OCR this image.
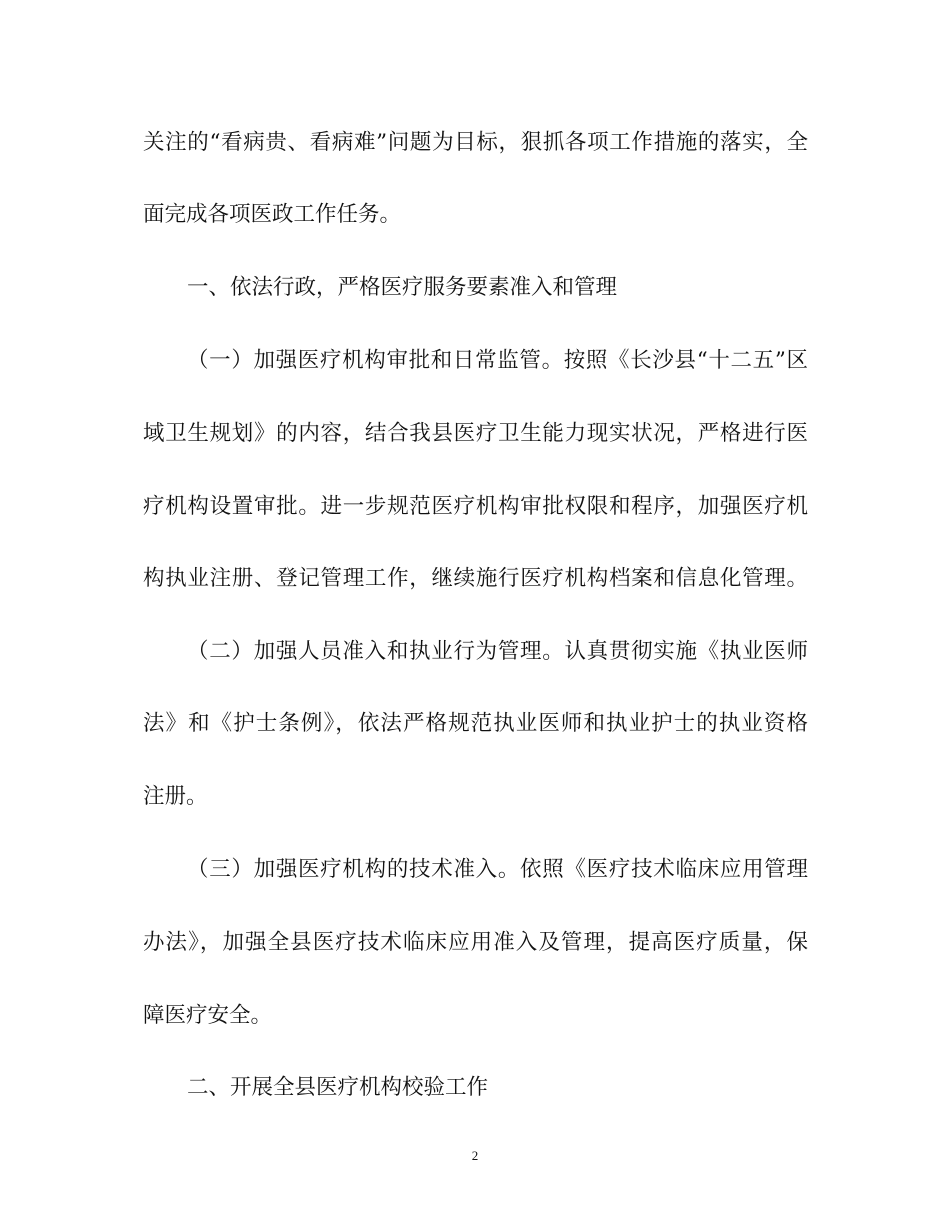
关注的“看病贵、看病难”问题为目标，狠抓各项工作措施的落实，全
面完成各项医政工作任务。
一、依法行政，严格医疗服务要素准入和管理
（一）加强医疗机构审批和日常监管。按照《长沙县“十二五”区
域卫生规划》的内容，结合我县医疗卫生能力现实状况，严格进行医
疗机构设置审批。进一步规范医疗机构审批权限和程序，加强医疗机
构执业注册、登记管理工作，继续施行医疗机构档案和信息化管理。
（二）加强人员准入和执业行为管理。认真贯彻实施《执业医师
法》和《护士条例》，依法严格规范执业医师和执业护士的执业资格
注册。
（三）加强医疗机构的技术准入。依照《医疗技术临床应用管理
办法》，加强全县医疗技术临床应用准入及管理，提高医疗质量，保
障医疗安全。
二、开展全县医疗机构校验工作
2
